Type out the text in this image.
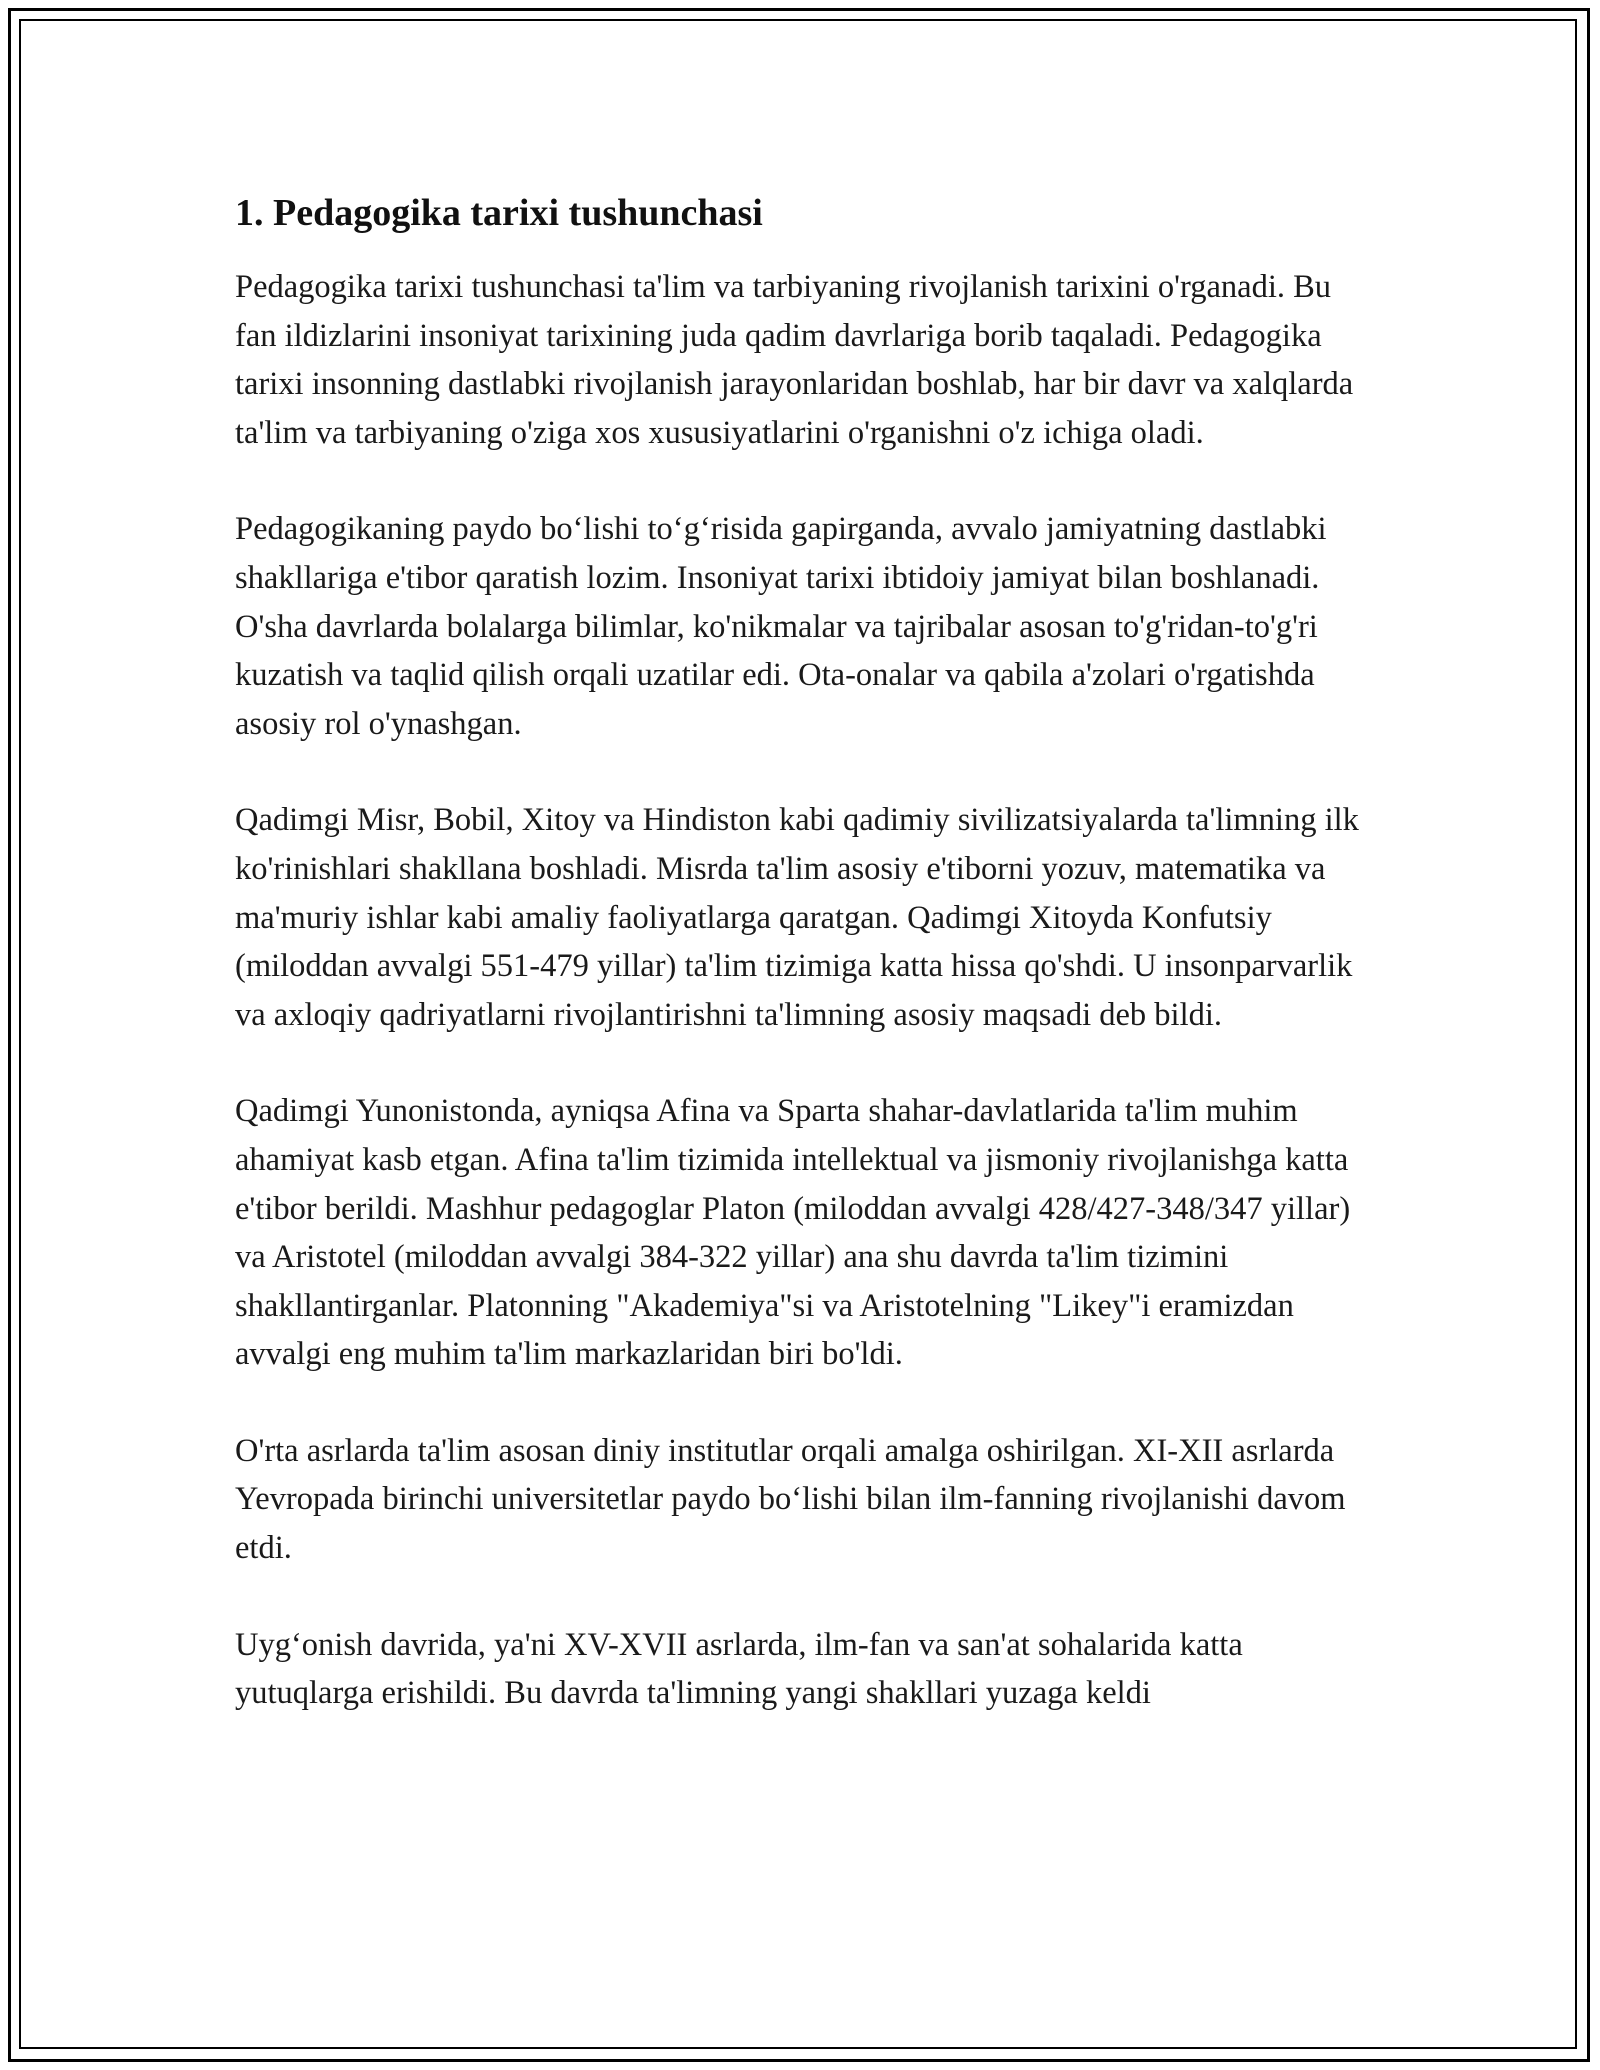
1. Pedagogika tarixi tushunchasi

Pedagogika tarixi tushunchasi ta'lim va tarbiyaning rivojlanish tarixini o'rganadi. Bu fan ildizlarini insoniyat tarixining juda qadim davrlariga borib taqaladi. Pedagogika tarixi insonning dastlabki rivojlanish jarayonlaridan boshlab, har bir davr va xalqlarda ta'lim va tarbiyaning o'ziga xos xususiyatlarini o'rganishni o'z ichiga oladi.

Pedagogikaning paydo bo‘lishi to‘g‘risida gapirganda, avvalo jamiyatning dastlabki shakllariga e'tibor qaratish lozim. Insoniyat tarixi ibtidoiy jamiyat bilan boshlanadi. O'sha davrlarda bolalarga bilimlar, ko'nikmalar va tajribalar asosan to'g'ridan-to'g'ri kuzatish va taqlid qilish orqali uzatilar edi. Ota-onalar va qabila a'zolari o'rgatishda asosiy rol o'ynashgan.

Qadimgi Misr, Bobil, Xitoy va Hindiston kabi qadimiy sivilizatsiyalarda ta'limning ilk ko'rinishlari shakllana boshladi. Misrda ta'lim asosiy e'tiborni yozuv, matematika va ma'muriy ishlar kabi amaliy faoliyatlarga qaratgan. Qadimgi Xitoyda Konfutsiy (miloddan avvalgi 551-479 yillar) ta'lim tizimiga katta hissa qo'shdi. U insonparvarlik va axloqiy qadriyatlarni rivojlantirishni ta'limning asosiy maqsadi deb bildi.

Qadimgi Yunonistonda, ayniqsa Afina va Sparta shahar-davlatlarida ta'lim muhim ahamiyat kasb etgan. Afina ta'lim tizimida intellektual va jismoniy rivojlanishga katta e'tibor berildi. Mashhur pedagoglar Platon (miloddan avvalgi 428/427-348/347 yillar) va Aristotel (miloddan avvalgi 384-322 yillar) ana shu davrda ta'lim tizimini shakllantirganlar. Platonning "Akademiya"si va Aristotelning "Likey"i eramizdan avvalgi eng muhim ta'lim markazlaridan biri bo'ldi.

O'rta asrlarda ta'lim asosan diniy institutlar orqali amalga oshirilgan. XI-XII asrlarda Yevropada birinchi universitetlar paydo bo‘lishi bilan ilm-fanning rivojlanishi davom etdi.

Uyg‘onish davrida, ya'ni XV-XVII asrlarda, ilm-fan va san'at sohalarida katta yutuqlarga erishildi. Bu davrda ta'limning yangi shakllari yuzaga keldi
